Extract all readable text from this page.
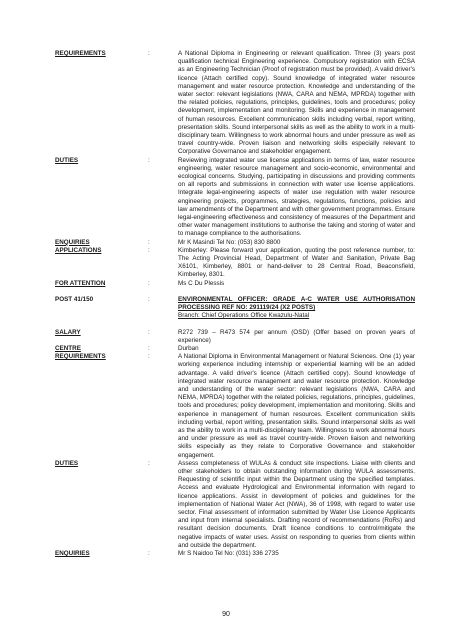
REQUIREMENTS	:	A National Diploma in Engineering or relevant qualification. Three (3) years post qualification technical Engineering experience. Compulsory registration with ECSA as an Engineering Technician (Proof of registration must be provided). A valid driver's licence (Attach certified copy). Sound knowledge of integrated water resource management and water resource protection. Knowledge and understanding of the water sector: relevant legislations (NWA, CARA and NEMA, MPRDA) together with the related policies, regulations, principles, guidelines, tools and procedures; policy development, implementation and monitoring. Skills and experience in management of human resources. Excellent communication skills including verbal, report writing, presentation skills. Sound interpersonal skills as well as the ability to work in a multi-disciplinary team. Willingness to work abnormal hours and under pressure as well as travel country-wide. Proven liaison and networking skills especially relevant to Corporative Governance and stakeholder engagement.
DUTIES	:	Reviewing integrated water use license applications in terms of law, water resource engineering, water resource management and socio-economic, environmental and ecological concerns. Studying, participating in discussions and providing comments on all reports and submissions in connection with water use license applications. Integrate legal-engineering aspects of water use regulation with water resource engineering projects, programmes, strategies, regulations, functions, policies and law amendments of the Department and with other government programmes. Ensure legal-engineering effectiveness and consistency of measures of the Department and other water management institutions to authorise the taking and storing of water and to manage compliance to the authorisations.
ENQUIRIES	:	Mr K Masindi Tel No: (053) 830 8800
APPLICATIONS	:	Kimberley: Please forward your application, quoting the post reference number, to: The Acting Provincial Head, Department of Water and Sanitation, Private Bag X6101, Kimberley, 8801 or hand-deliver to 28 Central Road, Beaconsfield, Kimberley, 8301.
FOR ATTENTION	:	Ms C Du Plessis
POST 41/150	:	ENVIRONMENTAL OFFICER: GRADE A-C WATER USE AUTHORISATION PROCESSING REF NO: 291119/24 (X2 POSTS)
Branch: Chief Operations Office Kwazulu-Natal
SALARY	:	R272 739 – R473 574 per annum (OSD) (Offer based on proven years of experience)
CENTRE	:	Durban
REQUIREMENTS	:	A National Diploma in Environmental Management or Natural Sciences. One (1) year working experience including internship or experiential learning will be an added advantage. A valid driver's licence (Attach certified copy). Sound knowledge of integrated water resource management and water resource protection. Knowledge and understanding of the water sector: relevant legislations (NWA, CARA and NEMA, MPRDA) together with the related policies, regulations, principles, guidelines, tools and procedures; policy development, implementation and monitoring. Skills and experience in management of human resources. Excellent communication skills including verbal, report writing, presentation skills. Sound interpersonal skills as well as the ability to work in a multi-disciplinary team. Willingness to work abnormal hours and under pressure as well as travel country-wide. Proven liaison and networking skills especially as they relate to Corporative Governance and stakeholder engagement.
DUTIES	:	Assess completeness of WULAs & conduct site inspections. Liaise with clients and other stakeholders to obtain outstanding information during WULA assessments. Requesting of scientific input within the Department using the specified templates. Access and evaluate Hydrological and Environmental information with regard to licence applications. Assist in development of policies and guidelines for the implementation of National Water Act (NWA), 36 of 1998, with regard to water use sector. Final assessment of information submitted by Water Use Licence Applicants and input from internal specialists. Drafting record of recommendations (RoRs) and resultant decision documents. Draft licence conditions to control/mitigate the negative impacts of water uses. Assist on responding to queries from clients within and outside the department.
ENQUIRIES	:	Mr S Naidoo Tel No: (031) 336 2735
90
